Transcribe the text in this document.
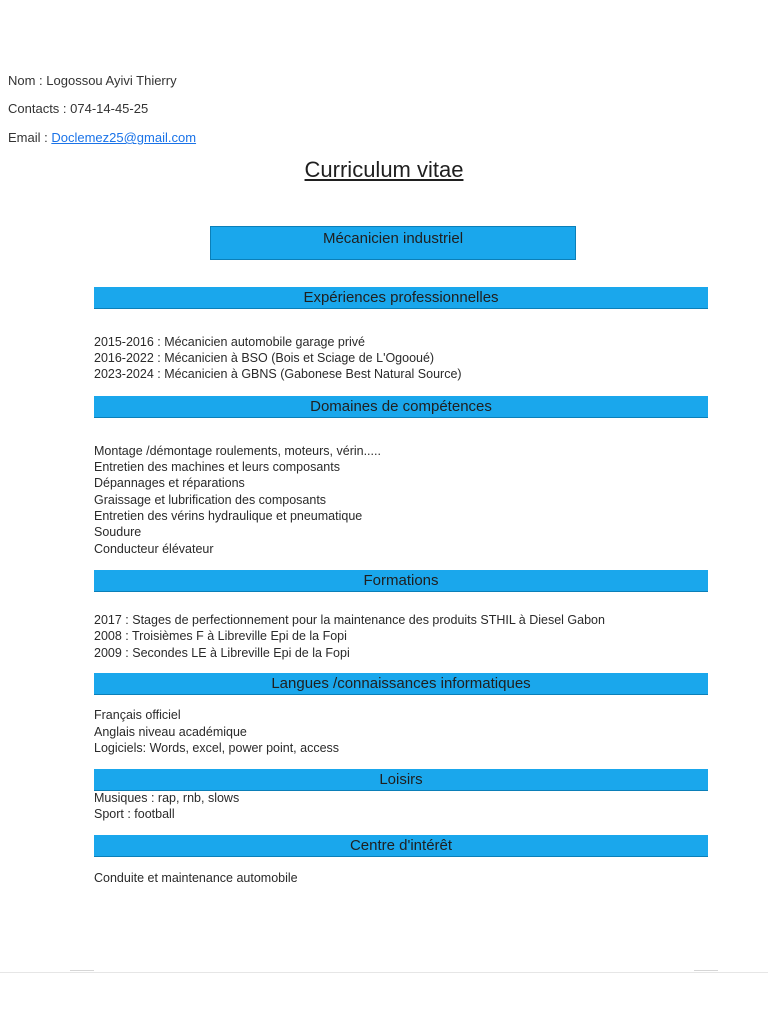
Nom : Logossou Ayivi Thierry
Contacts : 074-14-45-25
Email : Doclemez25@gmail.com
Curriculum vitae
Mécanicien industriel
Expériences professionnelles
2015-2016 : Mécanicien automobile garage privé
2016-2022 : Mécanicien à BSO (Bois et Sciage de L'Ogooué)
2023-2024 : Mécanicien à GBNS (Gabonese Best Natural Source)
Domaines de compétences
Montage /démontage roulements, moteurs, vérin.....
Entretien des machines et leurs composants
Dépannages et réparations
Graissage et lubrification des composants
Entretien des vérins hydraulique et pneumatique
Soudure
Conducteur élévateur
Formations
2017 : Stages de perfectionnement pour la maintenance des produits STHIL à Diesel Gabon
2008 : Troisièmes F à Libreville Epi de la Fopi
2009 : Secondes LE à Libreville Epi de la Fopi
Langues /connaissances informatiques
Français officiel
Anglais niveau académique
Logiciels: Words, excel, power point, access
Loisirs
Musiques : rap, rnb, slows
Sport : football
Centre d'intérêt
Conduite et maintenance automobile
